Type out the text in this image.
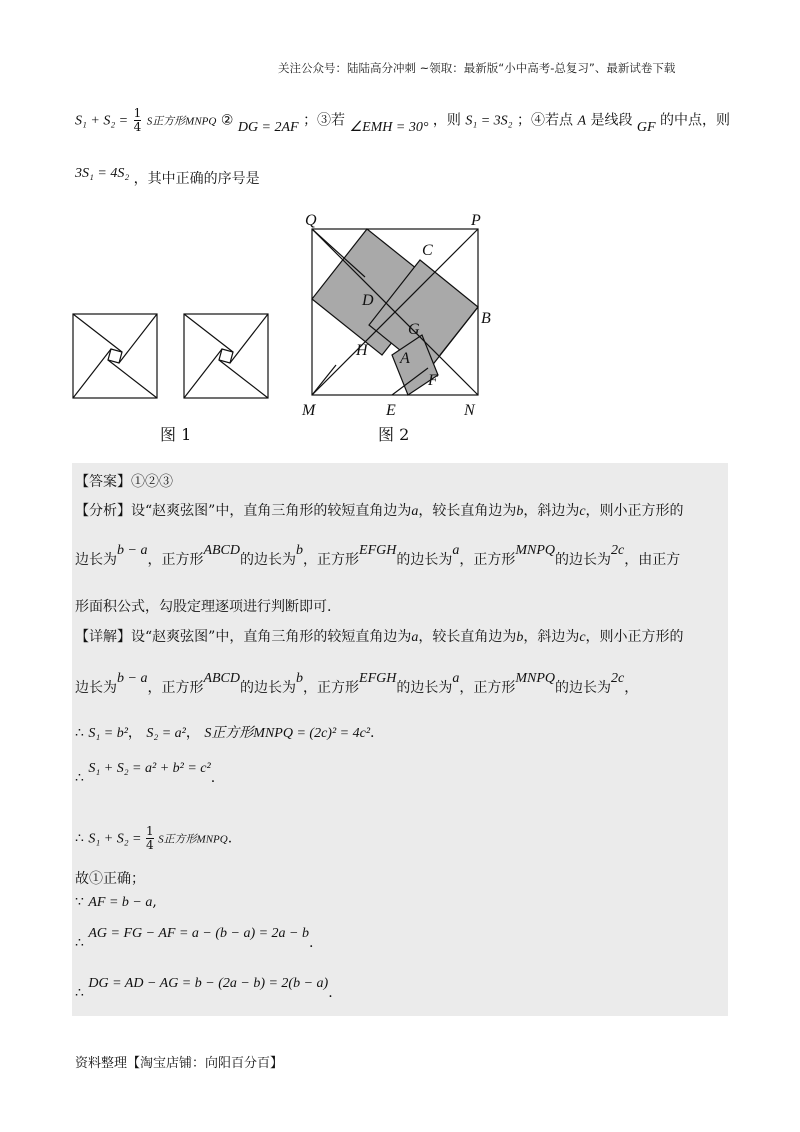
关注公众号：陆陆高分冲刺 ~领取：最新版“小中高考-总复习”、最新试卷下载
$S_1 + S_2 = \frac{1}{4}$ S正方形MNPQ ② DG = 2AF ；③若 ∠EMH = 30° ，则 S₁ = 3S₂ ；④若点 A 是线段 GF 的中点，则
3S₁ = 4S₂ ，其中正确的序号是
Q	P
C
D
B
G
H A
F
M	E	N
图 1	图 2
【答案】①②③
【分析】设“赵爽弦图”中，直角三角形的较短直角边为a，较长直角边为b，斜边为c，则小正方形的
边长为b − a，正方形ABCD的边长为b，正方形EFGH的边长为a，正方形MNPQ的边长为2c，由正方
形面积公式，勾股定理逐项进行判断即可.
【详解】设“赵爽弦图”中，直角三角形的较短直角边为a，较长直角边为b，斜边为c，则小正方形的
边长为b − a，正方形ABCD的边长为b，正方形EFGH的边长为a，正方形MNPQ的边长为2c，
∴ S₁ = b²， S₂ = a²， S正方形MNPQ = (2c)² = 4c².
∴ S₁ + S₂ = a² + b² = c².
∴ $S_1 + S_2 = \frac{1}{4}$ S正方形MNPQ.
故①正确；
∵ AF = b − a,
∴ AG = FG − AF = a − (b − a) = 2a − b.
∴ DG = AD − AG = b − (2a − b) = 2(b − a).
资料整理【淘宝店铺：向阳百分百】
